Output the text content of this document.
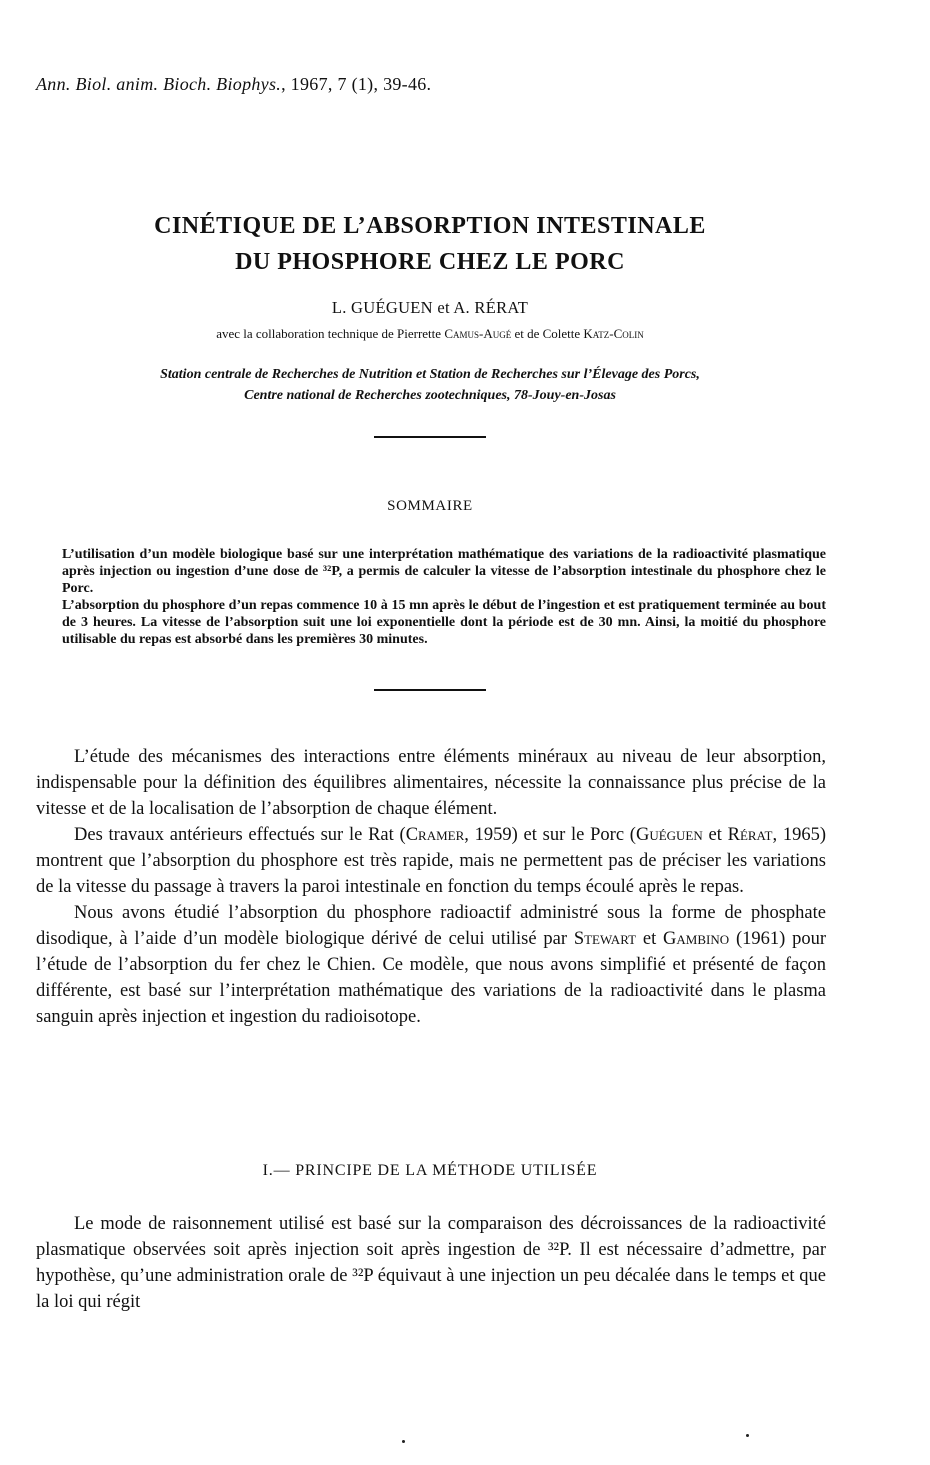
Ann. Biol. anim. Bioch. Biophys., 1967, 7 (1), 39-46.
CINÉTIQUE DE L’ABSORPTION INTESTINALE
DU PHOSPHORE CHEZ LE PORC
L. GUÉGUEN et A. RÉRAT
avec la collaboration technique de Pierrette Camus-Augé et de Colette Katz-Colin
Station centrale de Recherches de Nutrition et Station de Recherches sur l’Élevage des Porcs,
Centre national de Recherches zootechniques, 78-Jouy-en-Josas
SOMMAIRE

L’utilisation d’un modèle biologique basé sur une interprétation mathématique des variations de la radioactivité plasmatique après injection ou ingestion d’une dose de ³²P, a permis de calculer la vitesse de l’absorption intestinale du phosphore chez le Porc.

L’absorption du phosphore d’un repas commence 10 à 15 mn après le début de l’ingestion et est pratiquement terminée au bout de 3 heures. La vitesse de l’absorption suit une loi exponentielle dont la période est de 30 mn. Ainsi, la moitié du phosphore utilisable du repas est absorbé dans les premières 30 minutes.

L’étude des mécanismes des interactions entre éléments minéraux au niveau de leur absorption, indispensable pour la définition des équilibres alimentaires, nécessite la connaissance plus précise de la vitesse et de la localisation de l’absorption de chaque élément.

Des travaux antérieurs effectués sur le Rat (Cramer, 1959) et sur le Porc (Guéguen et Rérat, 1965) montrent que l’absorption du phosphore est très rapide, mais ne permettent pas de préciser les variations de la vitesse du passage à travers la paroi intestinale en fonction du temps écoulé après le repas.

Nous avons étudié l’absorption du phosphore radioactif administré sous la forme de phosphate disodique, à l’aide d’un modèle biologique dérivé de celui utilisé par Stewart et Gambino (1961) pour l’étude de l’absorption du fer chez le Chien. Ce modèle, que nous avons simplifié et présenté de façon différente, est basé sur l’interprétation mathématique des variations de la radioactivité dans le plasma sanguin après injection et ingestion du radioisotope.

I.— PRINCIPE DE LA MÉTHODE UTILISÉE

Le mode de raisonnement utilisé est basé sur la comparaison des décroissances de la radioactivité plasmatique observées soit après injection soit après ingestion de ³²P. Il est nécessaire d’admettre, par hypothèse, qu’une administration orale de ³²P équivaut à une injection un peu décalée dans le temps et que la loi qui régit
